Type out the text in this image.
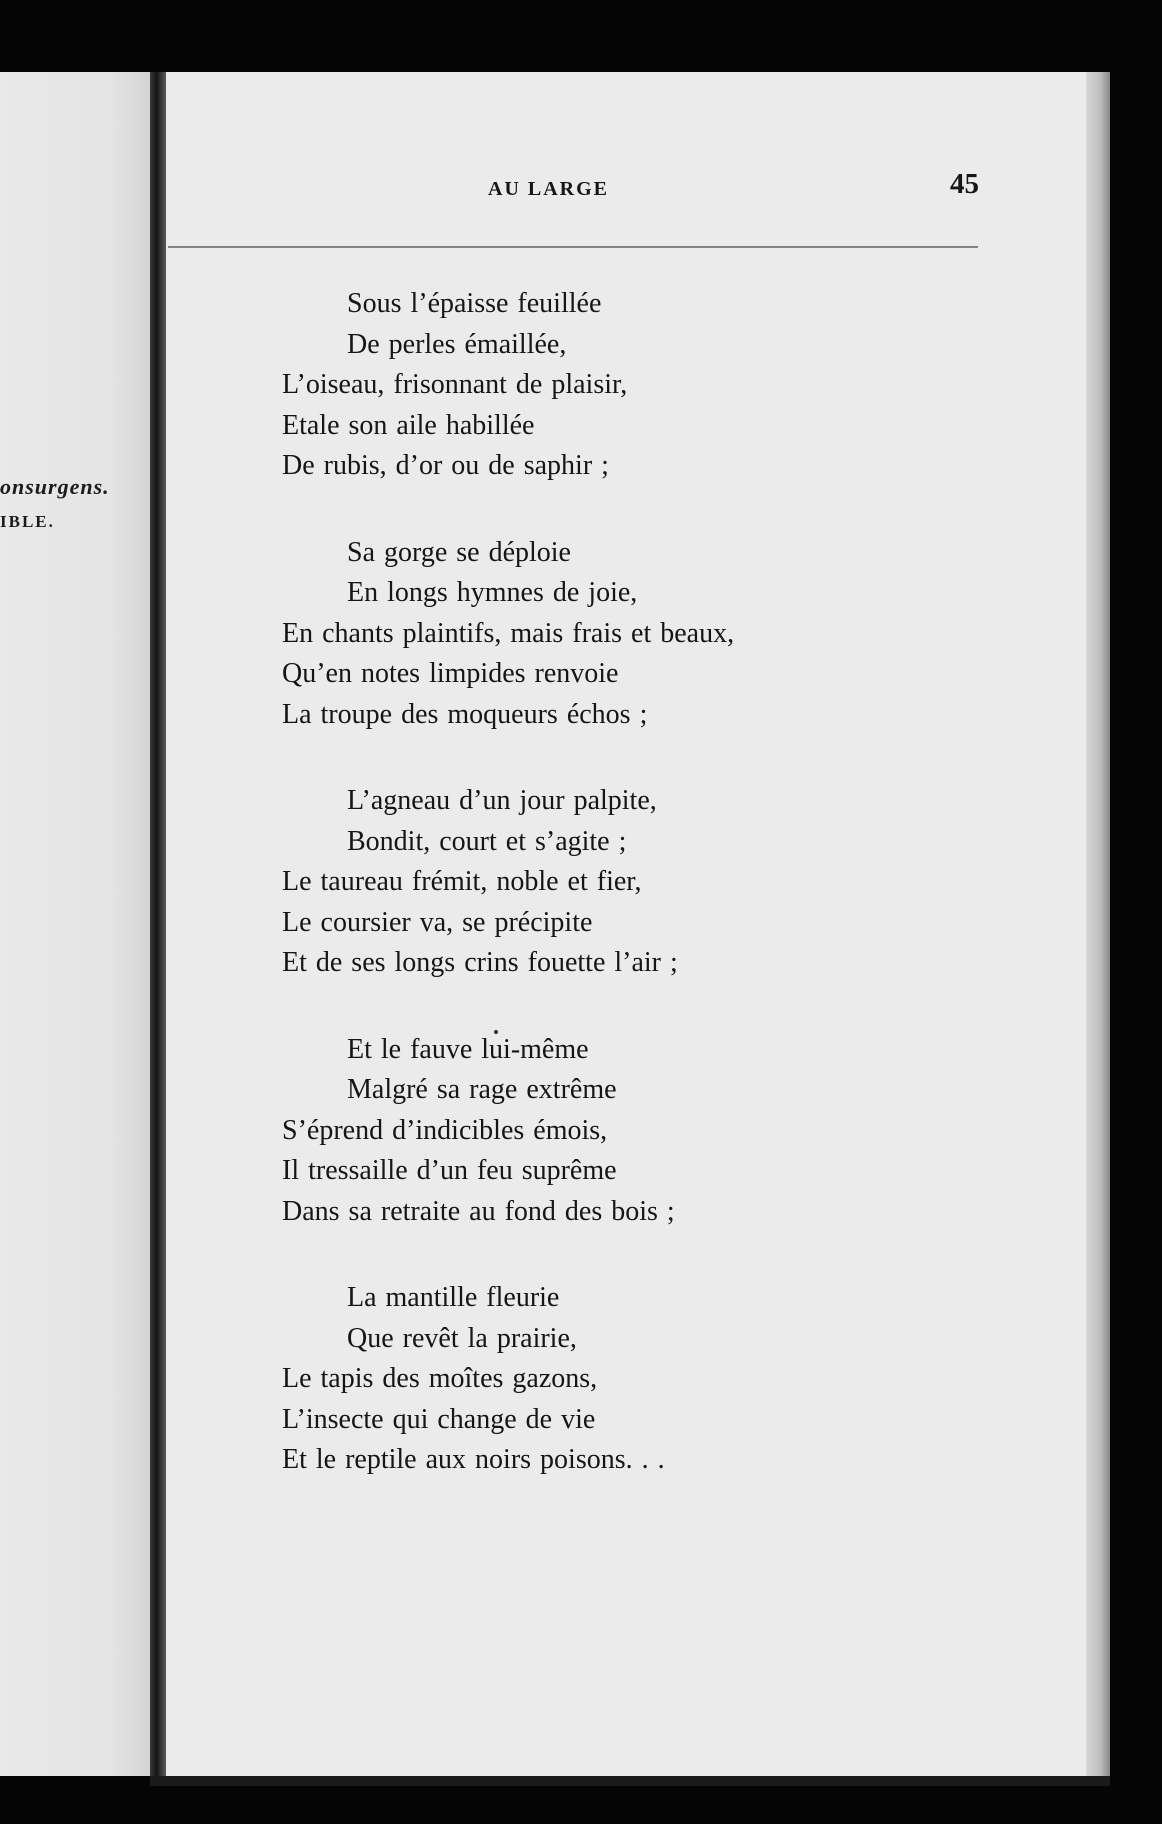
onsurgens.
IBLE.
AU LARGE	45
Sous l’épaisse feuillée
De perles émaillée,
L’oiseau, frisonnant de plaisir,
Etale son aile habillée
De rubis, d’or ou de saphir ;
Sa gorge se déploie
En longs hymnes de joie,
En chants plaintifs, mais frais et beaux,
Qu’en notes limpides renvoie
La troupe des moqueurs échos ;
L’agneau d’un jour palpite,
Bondit, court et s’agite ;
Le taureau frémit, noble et fier,
Le coursier va, se précipite
Et de ses longs crins fouette l’air ;
Et le fauve lui-même
Malgré sa rage extrême
S’éprend d’indicibles émois,
Il tressaille d’un feu suprême
Dans sa retraite au fond des bois ;
La mantille fleurie
Que revêt la prairie,
Le tapis des moîtes gazons,
L’insecte qui change de vie
Et le reptile aux noirs poisons. . .
